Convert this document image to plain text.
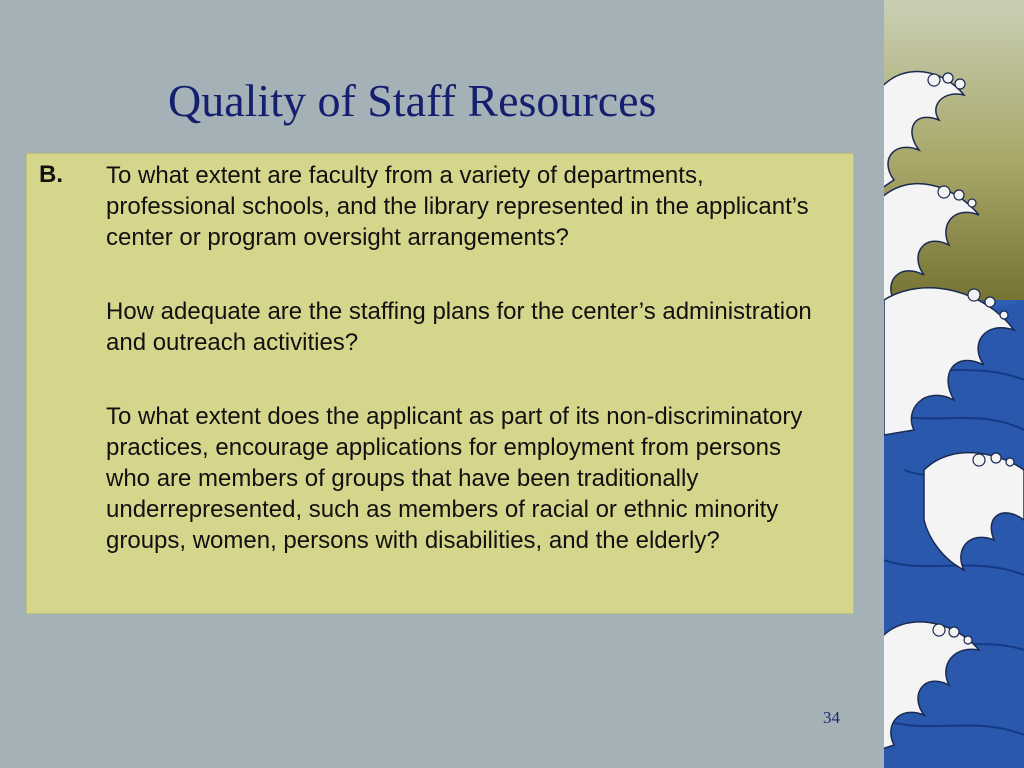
Quality of Staff Resources
B. To what extent are faculty from a variety of departments, professional schools, and the library represented in the applicant’s center or program oversight arrangements?

How adequate are the staffing plans for the center’s administration and outreach activities?

To what extent does the applicant as part of its non-discriminatory practices, encourage applications for employment from persons who are members of groups that have been traditionally underrepresented, such as members of racial or ethnic minority groups, women, persons with disabilities, and the elderly?

34
